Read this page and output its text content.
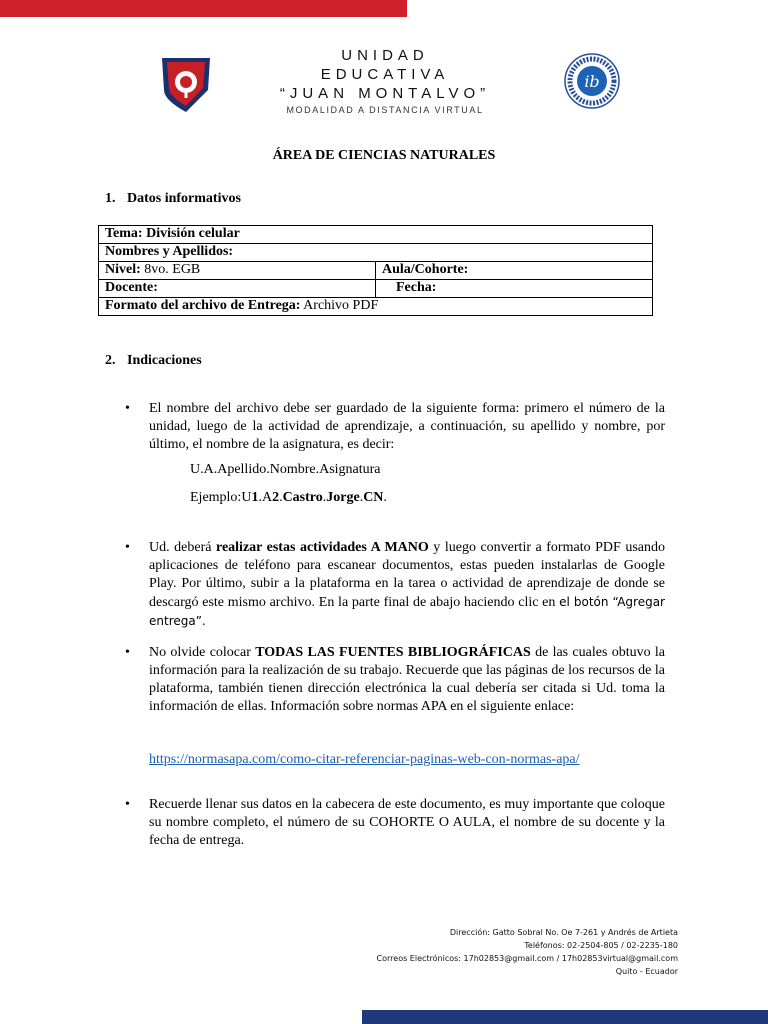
UNIDAD
EDUCATIVA
“JUAN MONTALVO”
MODALIDAD A DISTANCIA VIRTUAL
ib
ÁREA DE CIENCIAS NATURALES
1. Datos informativos
Tema: División celular	
Nombres y Apellidos:	
Nivel: 8vo. EGB	Aula/Cohorte:
Docente:	Fecha:
Formato del archivo de Entrega: Archivo PDF	
2. Indicaciones
• El nombre del archivo debe ser guardado de la siguiente forma: primero el número de la unidad, luego de la actividad de aprendizaje, a continuación, su apellido y nombre, por último, el nombre de la asignatura, es decir:
U.A.Apellido.Nombre.Asignatura
Ejemplo:U1.A2.Castro.Jorge.CN.
• Ud. deberá realizar estas actividades A MANO y luego convertir a formato PDF usando aplicaciones de teléfono para escanear documentos, estas pueden instalarlas de Google Play. Por último, subir a la plataforma en la tarea o actividad de aprendizaje de donde se descargó este mismo archivo. En la parte final de abajo haciendo clic en el botón “Agregar entrega”.
• No olvide colocar TODAS LAS FUENTES BIBLIOGRÁFICAS de las cuales obtuvo la información para la realización de su trabajo. Recuerde que las páginas de los recursos de la plataforma, también tienen dirección electrónica la cual debería ser citada si Ud. toma la información de ellas. Información sobre normas APA en el siguiente enlace:
https://normasapa.com/como-citar-referenciar-paginas-web-con-normas-apa/
• Recuerde llenar sus datos en la cabecera de este documento, es muy importante que coloque su nombre completo, el número de su COHORTE O AULA, el nombre de su docente y la fecha de entrega.
Dirección: Gatto Sobral No. Oe 7-261 y Andrés de Artieta
Teléfonos: 02-2504-805 / 02-2235-180
Correos Electrónicos: 17h02853@gmail.com / 17h02853virtual@gmail.com
Quito - Ecuador
